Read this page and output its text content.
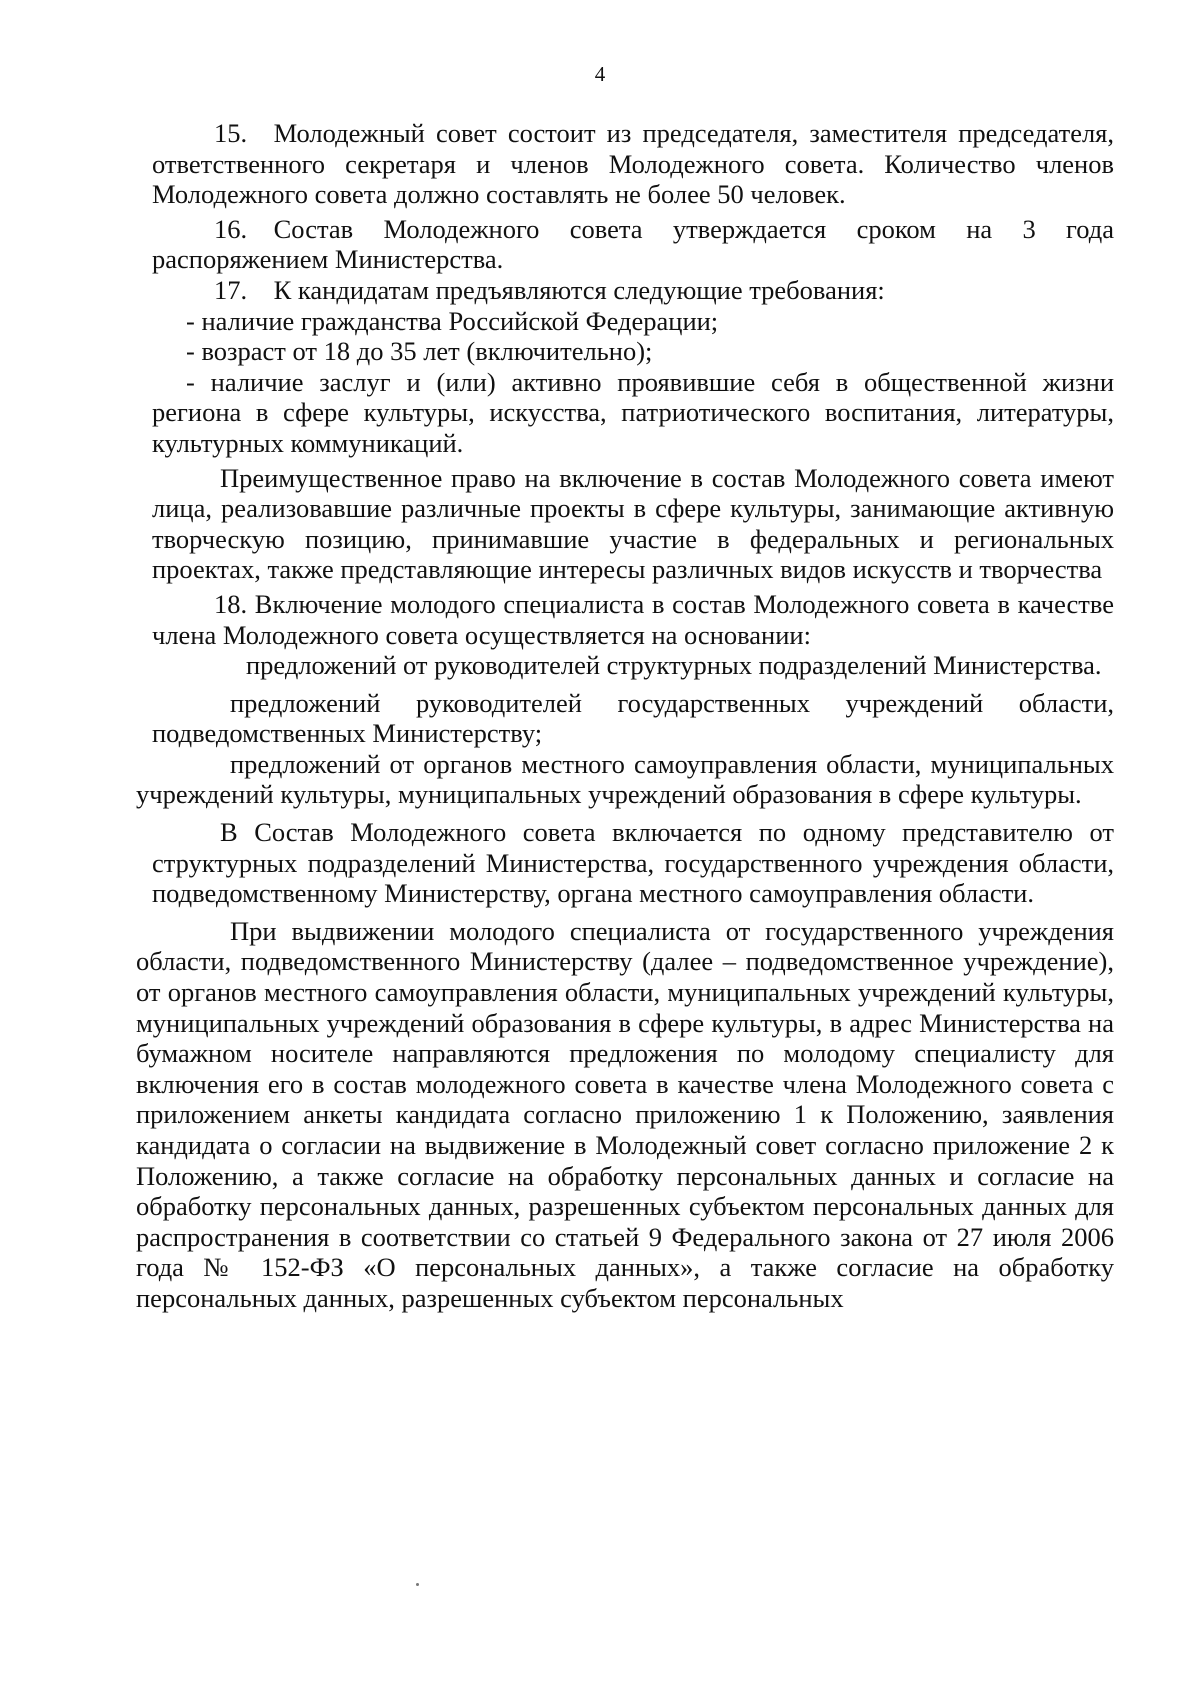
4

15. Молодежный совет состоит из председателя, заместителя председателя, ответственного секретаря и членов Молодежного совета. Количество членов Молодежного совета должно составлять не более 50 человек.

16. Состав Молодежного совета утверждается сроком на 3 года распоряжением Министерства.

17. К кандидатам предъявляются следующие требования:

- наличие гражданства Российской Федерации;

- возраст от 18 до 35 лет (включительно);

- наличие заслуг и (или) активно проявившие себя в общественной жизни региона в сфере культуры, искусства, патриотического воспитания, литературы, культурных коммуникаций.

Преимущественное право на включение в состав Молодежного совета имеют лица, реализовавшие различные проекты в сфере культуры, занимающие активную творческую позицию, принимавшие участие в федеральных и региональных проектах, также представляющие интересы различных видов искусств и творчества

18. Включение молодого специалиста в состав Молодежного совета в качестве члена Молодежного совета осуществляется на основании:

предложений от руководителей структурных подразделений Министерства.

предложений руководителей государственных учреждений области, подведомственных Министерству;

предложений от органов местного самоуправления области, муниципальных учреждений культуры, муниципальных учреждений образования в сфере культуры.

В Состав Молодежного совета включается по одному представителю от структурных подразделений Министерства, государственного учреждения области, подведомственному Министерству, органа местного самоуправления области.

При выдвижении молодого специалиста от государственного учреждения области, подведомственного Министерству (далее – подведомственное учреждение), от органов местного самоуправления области, муниципальных учреждений культуры, муниципальных учреждений образования в сфере культуры, в адрес Министерства на бумажном носителе направляются предложения по молодому специалисту для включения его в состав молодежного совета в качестве члена Молодежного совета с приложением анкеты кандидата согласно приложению 1 к Положению, заявления кандидата о согласии на выдвижение в Молодежный совет согласно приложение 2 к Положению, а также согласие на обработку персональных данных и согласие на обработку персональных данных, разрешенных субъектом персональных данных для распространения в соответствии со статьей 9 Федерального закона от 27 июля 2006 года № 152-ФЗ «О персональных данных», а также согласие на обработку персональных данных, разрешенных субъектом персональных
